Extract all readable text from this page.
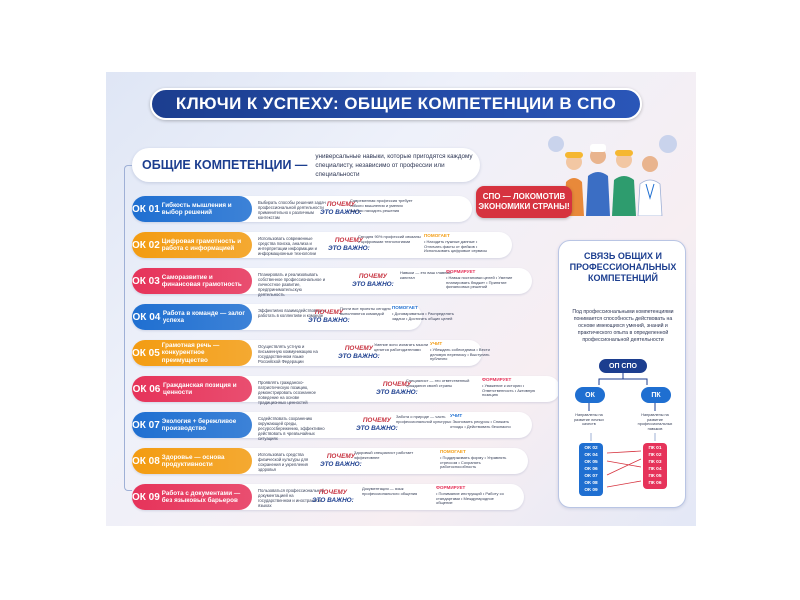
КЛЮЧИ К УСПЕХУ: ОБЩИЕ КОМПЕТЕНЦИИ В СПО
СПО — ЛОКОМОТИВ ЭКОНОМИКИ СТРАНЫ!
ОБЩИЕ КОМПЕТЕНЦИИ —
универсальные навыки, которые пригодятся каждому специалисту, независимо от профессии или специальности
ОК 01 Гибкость мышления и выбор решений
Выбирать способы решения задач профессиональной деятельности применительно к различным контекстам
ПОЧЕМУ
ЭТО ВАЖНО:
Современная профессия требует гибкого мышления и умения быстро находить решения
ОК 02 Цифровая грамотность и работа с информацией
Использовать современные средства поиска, анализа и интерпретации информации и информационные технологии
ПОЧЕМУ
ЭТО ВАЖНО:
Сегодня 90% профессий связаны с цифровыми технологиями
ПОМОГАЕТ
• Находить нужные данные • Отличать факты от фейков • Использовать цифровые сервисы
ОК 03 Саморазвитие и финансовая грамотность
Планировать и реализовывать собственное профессиональное и личностное развитие, предпринимательскую деятельность
ПОЧЕМУ
ЭТО ВАЖНО:
Навыки — это ваш главный капитал
ФОРМИРУЕТ
• Навык постановки целей • Умение планировать бюджет • Принятие финансовых решений
ОК 04 Работа в команде — залог успеха
Эффективно взаимодействовать и работать в коллективе и команде
ПОЧЕМУ
ЭТО ВАЖНО:
Почти все проекты сегодня выполняются командой
ПОМОГАЕТ
• Договариваться • Распределять задачи • Достигать общих целей
ОК 05
Грамотная речь — конкурентное преимущество
Осуществлять устную и письменную коммуникацию на государственном языке Российской Федерации
ПОЧЕМУ
ЭТО ВАЖНО:
Умение ясно излагать мысли ценится работодателями
УЧИТ
• Убеждать собеседника • Вести деловую переписку • Выступать публично
ОК 06 Гражданская позиция и ценности
Проявлять гражданско-патриотическую позицию, демонстрировать осознанное поведение на основе традиционных ценностей
ПОЧЕМУ
ЭТО ВАЖНО:
Специалист — это ответственный гражданин своей страны
ФОРМИРУЕТ
• Уважение к истории • Ответственность • Активную позицию
ОК 07 Экология + бережливое производство
Содействовать сохранению окружающей среды, ресурсосбережению, эффективно действовать в чрезвычайных ситуациях
ПОЧЕМУ
ЭТО ВАЖНО:
Забота о природе — часть профессиональной культуры
УЧИТ
• Экономить ресурсы • Снижать отходы • Действовать безопасно
ОК 08 Здоровье — основа продуктивности
Использовать средства физической культуры для сохранения и укрепления здоровья
ПОЧЕМУ
ЭТО ВАЖНО:
Здоровый специалист работает эффективнее
ПОМОГАЕТ
• Поддерживать форму • Управлять стрессом • Сохранять работоспособность
ОК 09 Работа с документами — без языковых барьеров
Пользоваться профессиональной документацией на государственном и иностранном языках
ПОЧЕМУ
ЭТО ВАЖНО:
Документация — язык профессионального общения
ФОРМИРУЕТ
• Понимание инструкций • Работу со стандартами • Международное общение
СВЯЗЬ ОБЩИХ И ПРОФЕССИОНАЛЬНЫХ КОМПЕТЕНЦИЙ
Под профессиональными компетенциями понимается способность действовать на основе имеющихся умений, знаний и практического опыта в определенной профессиональной деятельности
ОП СПО
ОК	ПК
Направлены на развитие личных качеств
Направлены на развитие профессиональных навыков
ОК 02
ОК 04
ОК 05
ОК 06
ОК 07
ОК 08
ОК 09
ПК 01
ПК 02
ПК 03
ПК 04
ПК 05
ПК 06
